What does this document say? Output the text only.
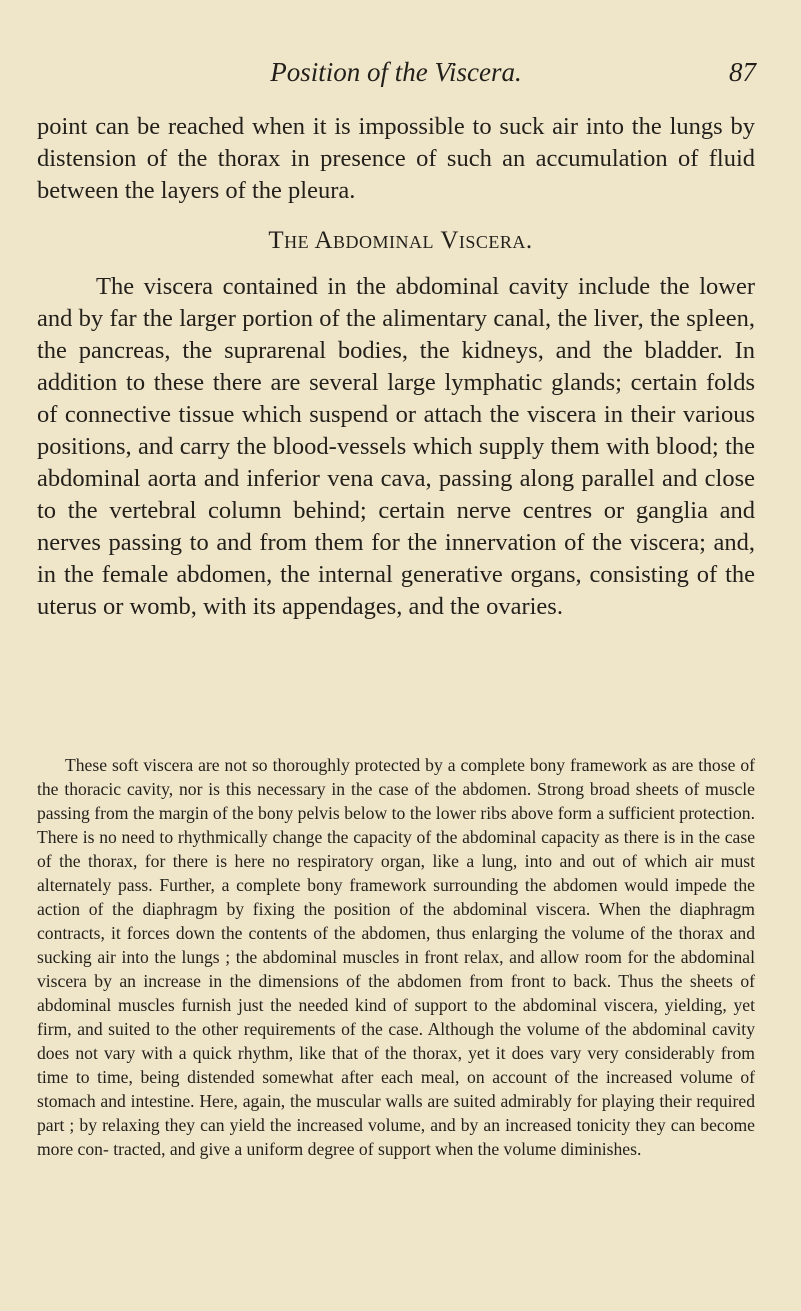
Position of the Viscera.	87

point can be reached when it is impossible to suck air into the lungs by distension of the thorax in presence of such an accumulation of fluid between the layers of the pleura.

The Abdominal Viscera.

The viscera contained in the abdominal cavity include the lower and by far the larger portion of the alimentary canal, the liver, the spleen, the pancreas, the suprarenal bodies, the kidneys, and the bladder. In addition to these there are several large lymphatic glands; certain folds of connective tissue which suspend or attach the viscera in their various positions, and carry the blood-vessels which supply them with blood; the abdominal aorta and inferior vena cava, passing along parallel and close to the vertebral column behind; certain nerve centres or ganglia and nerves passing to and from them for the innervation of the viscera; and, in the female abdomen, the internal generative organs, consisting of the uterus or womb, with its appendages, and the ovaries.

These soft viscera are not so thoroughly protected by a complete bony framework as are those of the thoracic cavity, nor is this necessary in the case of the abdomen. Strong broad sheets of muscle passing from the margin of the bony pelvis below to the lower ribs above form a sufficient protection. There is no need to rhythmically change the capacity of the abdominal capacity as there is in the case of the thorax, for there is here no respiratory organ, like a lung, into and out of which air must alternately pass. Further, a complete bony framework surrounding the abdomen would impede the action of the diaphragm by fixing the position of the abdominal viscera. When the diaphragm contracts, it forces down the contents of the abdomen, thus enlarging the volume of the thorax and sucking air into the lungs ; the abdominal muscles in front relax, and allow room for the abdominal viscera by an increase in the dimensions of the abdomen from front to back. Thus the sheets of abdominal muscles furnish just the needed kind of support to the abdominal viscera, yielding, yet firm, and suited to the other requirements of the case. Although the volume of the abdominal cavity does not vary with a quick rhythm, like that of the thorax, yet it does vary very considerably from time to time, being distended somewhat after each meal, on account of the increased volume of stomach and intestine. Here, again, the muscular walls are suited admirably for playing their required part ; by relaxing they can yield the increased volume, and by an increased tonicity they can become more con- tracted, and give a uniform degree of support when the volume diminishes.
